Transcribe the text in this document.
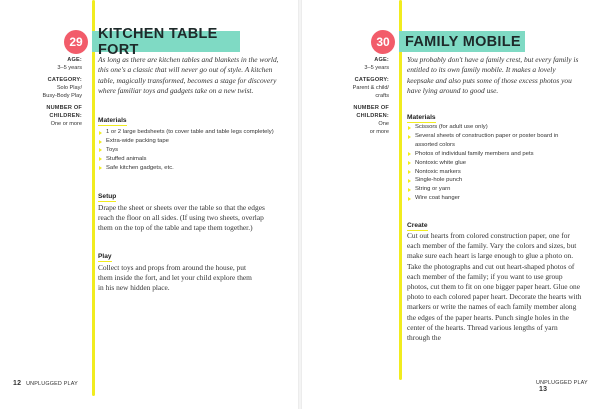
29
KITCHEN TABLE FORT
AGE:
3–5 years
CATEGORY:
Solo Play/
Busy-Body Play
NUMBER OF
CHILDREN:
One or more
As long as there are kitchen tables and blankets in the world, this one's a classic that will never go out of style. A kitchen table, magically transformed, becomes a stage for discovery where familiar toys and gadgets take on a new twist.
Materials
1 or 2 large bedsheets (to cover table and table legs completely)
Extra-wide packing tape
Toys
Stuffed animals
Safe kitchen gadgets, etc.
Setup
Drape the sheet or sheets over the table so that the edges reach the floor on all sides. (If using two sheets, overlap them on the top of the table and tape them together.)
Play
Collect toys and props from around the house, put them inside the fort, and let your child explore them in his new hidden place.
12 UNPLUGGED PLAY
30	FAMILY MOBILE
AGE:
3–5 years
CATEGORY:
Parent & child/
crafts
NUMBER OF
CHILDREN:
One
or more
You probably don't have a family crest, but every family is entitled to its own family mobile. It makes a lovely keepsake and also puts some of those excess photos you have lying around to good use.
Materials
Scissors (for adult use only)
Several sheets of construction paper or poster board in assorted colors
Photos of individual family members and pets
Nontoxic white glue
Nontoxic markers
Single-hole punch
String or yarn
Wire coat hanger
Create
Cut out hearts from colored construction paper, one for each member of the family. Vary the colors and sizes, but make sure each heart is large enough to glue a photo on. Take the photographs and cut out heart-shaped photos of each member of the family; if you want to use group photos, cut them to fit on one bigger paper heart. Glue one photo to each colored paper heart. Decorate the hearts with markers or write the names of each family member along the edges of the paper hearts. Punch single holes in the center of the hearts. Thread various lengths of yarn through the
UNPLUGGED PLAY 13
